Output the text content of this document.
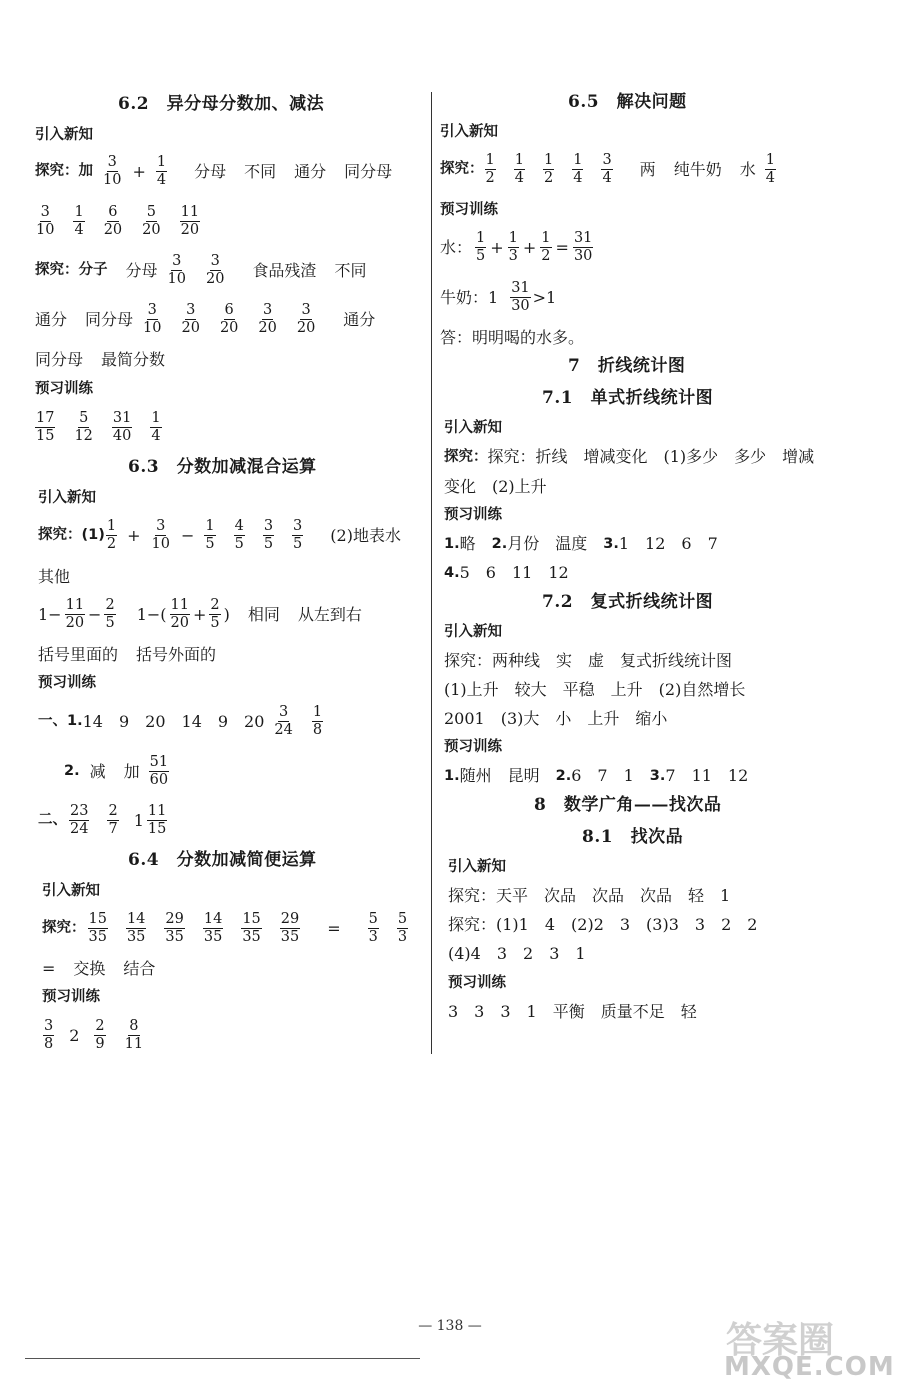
6.2　异分母分数加、减法
引入新知
探究：加 $\frac{3}{10} + \frac{1}{4}$ 分母 不同 通分 同分母
$\frac{3}{10} \frac{1}{4} \frac{6}{20} \frac{5}{20} \frac{11}{20}$
探究：分子 分母 $\frac{3}{10} \frac{3}{20}$ 食品残渣 不同
通分 同分母 $\frac{3}{10} \frac{3}{20} \frac{6}{20} \frac{3}{20} \frac{3}{20}$ 通分
同分母 最简分数
预习训练
$\frac{17}{15} \frac{5}{12} \frac{31}{40} \frac{1}{4}$
6.3　分数加减混合运算
引入新知
探究：$(1) \frac{1}{2} + \frac{3}{10} - \frac{1}{5} \frac{4}{5} \frac{3}{5} \frac{3}{5} (2)$地表水
其他
$1- \frac{11}{20} - \frac{2}{5} 1-( \frac{11}{20} + \frac{2}{5}$ ) 相同 从左到右
括号里面的 括号外面的
预习训练
一、1. 14　9　20　14　9　$20 \frac{3}{24} \frac{1}{8}$
2. 减 加 $\frac{51}{60}$
二、 $\frac{23}{24} \frac{2}{7} 1 \frac{11}{15}$
6.4　分数加减简便运算
引入新知
探究： $\frac{15}{35} \frac{14}{35} \frac{29}{35} \frac{14}{35} \frac{15}{35} \frac{29}{35} = \frac{5}{3} \frac{5}{3}$
= 交换 结合
预习训练
$\frac{3}{8} 2 \frac{2}{9} \frac{8}{11}$
6.5　解决问题
引入新知
探究： $\frac{1}{2} \frac{1}{4} \frac{1}{2} \frac{1}{4} \frac{3}{4}$ 两 纯牛奶 水 $\frac{1}{4}$
预习训练
水： $\frac{1}{5} + \frac{1}{3} + \frac{1}{2} = \frac{31}{30}$
牛奶：$1 \frac{31}{30} >1$
答：明明喝的水多。
7　折线统计图
7.1　单式折线统计图
引入新知
探究： 探究：折线　增减变化　(1)多少　多少　增减
变化　(2)上升
预习训练
1. 略　 2. 月份　温度　 3. 1　12　6　7
4. 5　6　11　12
7.2　复式折线统计图
引入新知
探究：两种线　实　虚　复式折线统计图
(1)上升　较大　平稳　上升　(2)自然增长
2001　(3)大　小　上升　缩小
预习训练
1. 随州　昆明　 2. 6　7　1　 3. 7　11　12
8　数学广角——找次品
8.1　找次品
引入新知
探究：天平　次品　次品　次品　轻　1
探究：(1)1　4　(2)2　3　(3)3　3　2　2
(4)4　3　2　3　1
预习训练
3　3　3　1　平衡　质量不足　轻
— 138 —	答案圈
MXQE.COM
